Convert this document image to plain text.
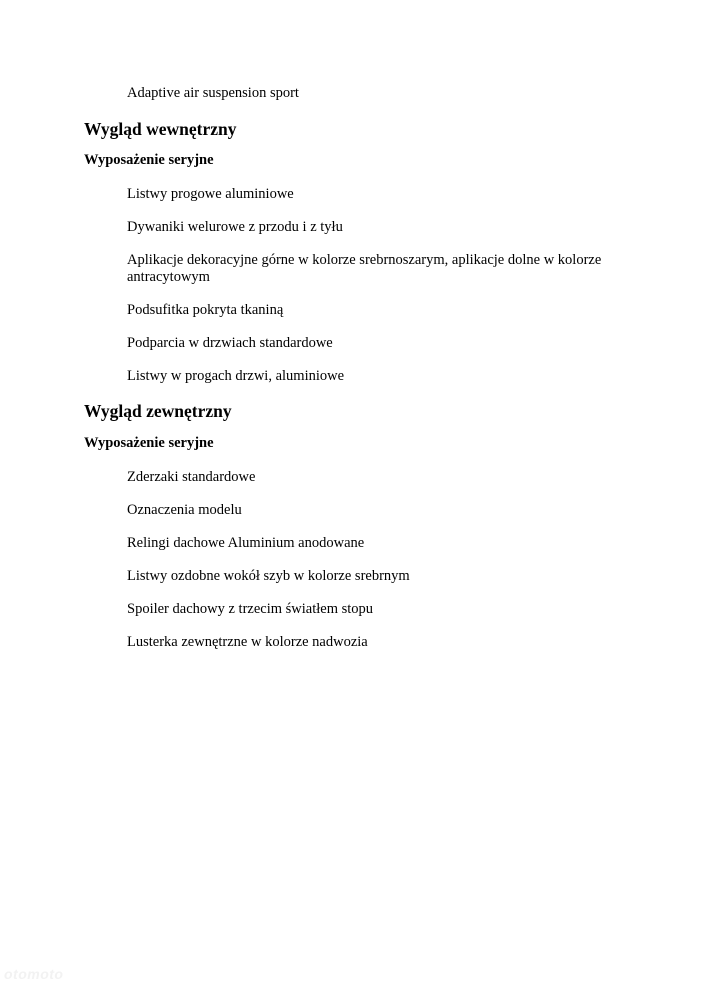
Adaptive air suspension sport
Wygląd wewnętrzny
Wyposażenie seryjne
Listwy progowe aluminiowe
Dywaniki welurowe z przodu i z tyłu
Aplikacje dekoracyjne górne w kolorze srebrnoszarym, aplikacje dolne w kolorze antracytowym
Podsufitka pokryta tkaniną
Podparcia w drzwiach standardowe
Listwy w progach drzwi, aluminiowe
Wygląd zewnętrzny
Wyposażenie seryjne
Zderzaki standardowe
Oznaczenia modelu
Relingi dachowe Aluminium anodowane
Listwy ozdobne wokół szyb w kolorze srebrnym
Spoiler dachowy z trzecim światłem stopu
Lusterka zewnętrzne w kolorze nadwozia
otomoto
